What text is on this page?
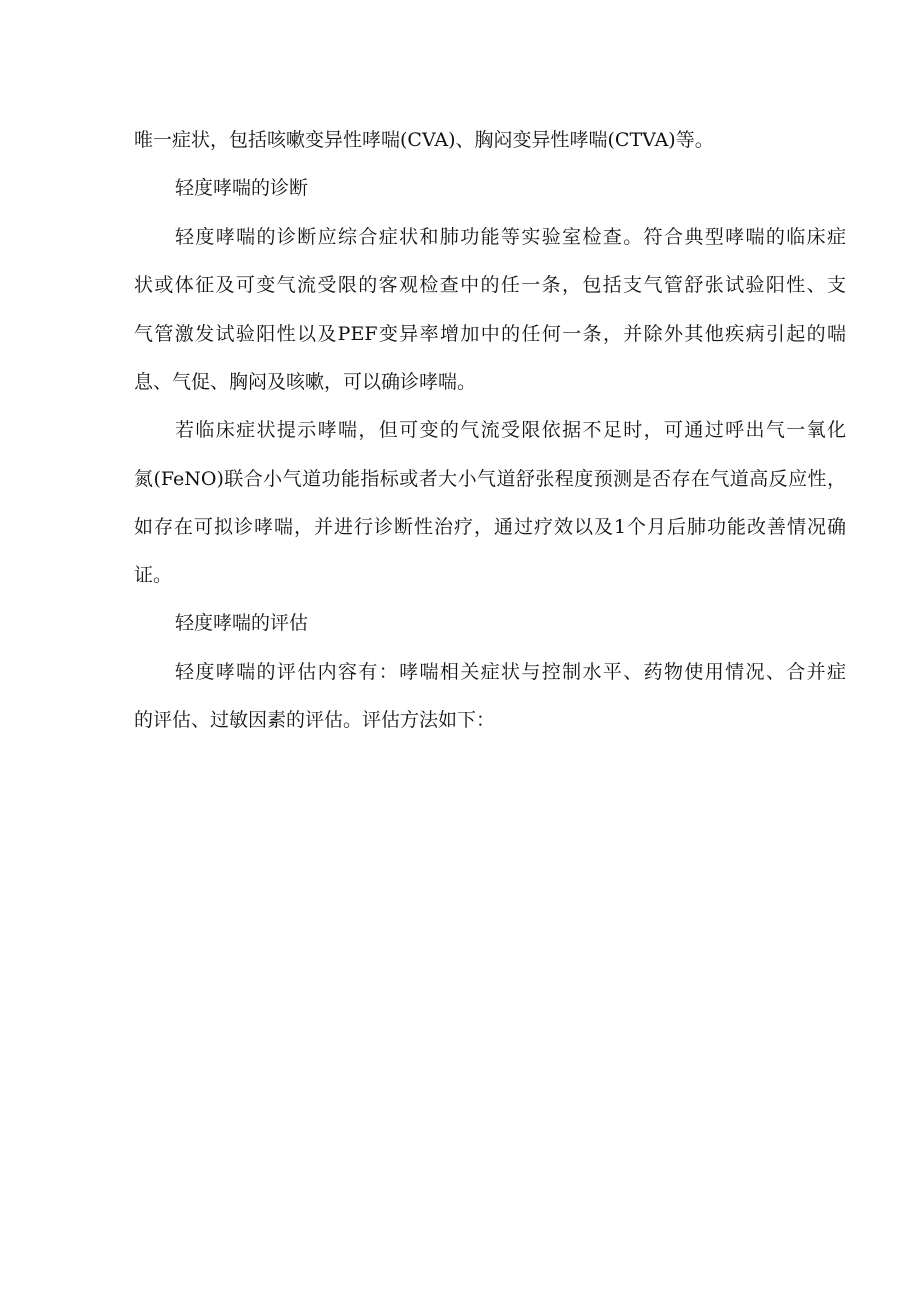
唯一症状，包括咳嗽变异性哮喘(CVA)、胸闷变异性哮喘(CTVA)等。
轻度哮喘的诊断
轻度哮喘的诊断应综合症状和肺功能等实验室检查。符合典型哮喘的临床症
状或体征及可变气流受限的客观检查中的任一条，包括支气管舒张试验阳性、支
气管激发试验阳性以及PEF变异率增加中的任何一条，并除外其他疾病引起的喘
息、气促、胸闷及咳嗽，可以确诊哮喘。
若临床症状提示哮喘，但可变的气流受限依据不足时，可通过呼出气一氧化
氮(FeNO)联合小气道功能指标或者大小气道舒张程度预测是否存在气道高反应性，
如存在可拟诊哮喘，并进行诊断性治疗，通过疗效以及1个月后肺功能改善情况确
证。
轻度哮喘的评估
轻度哮喘的评估内容有：哮喘相关症状与控制水平、药物使用情况、合并症
的评估、过敏因素的评估。评估方法如下：
